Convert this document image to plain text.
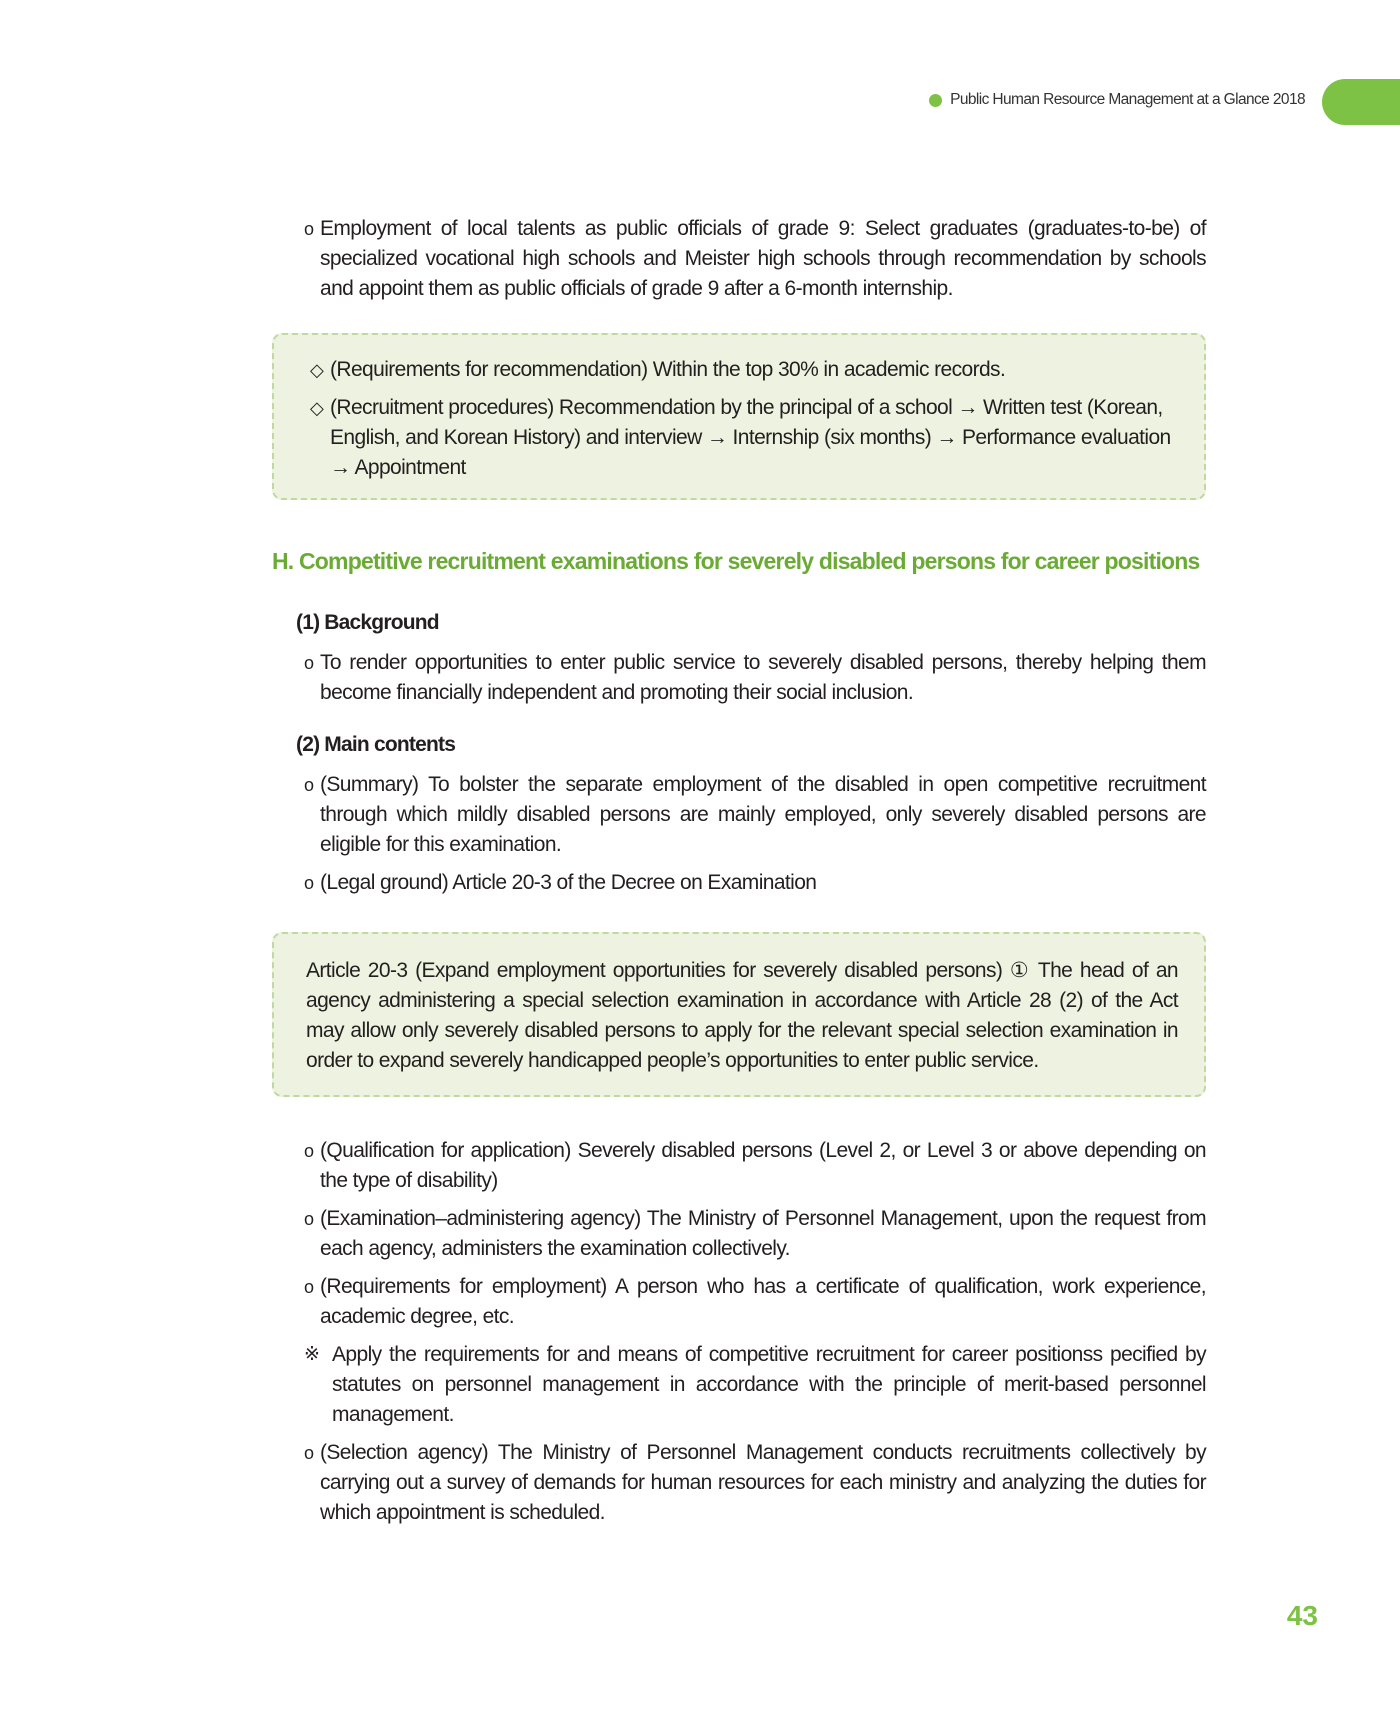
Public Human Resource Management at a Glance 2018
o Employment of local talents as public officials of grade 9: Select graduates (graduates-to-be) of specialized vocational high schools and Meister high schools through recommendation by schools and appoint them as public officials of grade 9 after a 6-month internship.

◇ (Requirements for recommendation) Within the top 30% in academic records.

◇ (Recruitment procedures) Recommendation by the principal of a school → Written test (Korean, English, and Korean History) and interview → Internship (six months) → Performance evaluation → Appointment

H. Competitive recruitment examinations for severely disabled persons for career positions
(1) Background
o To render opportunities to enter public service to severely disabled persons, thereby helping them become financially independent and promoting their social inclusion.
(2) Main contents
o (Summary) To bolster the separate employment of the disabled in open competitive recruitment through which mildly disabled persons are mainly employed, only severely disabled persons are eligible for this examination.
o (Legal ground) Article 20-3 of the Decree on Examination

Article 20-3 (Expand employment opportunities for severely disabled persons) ① The head of an agency administering a special selection examination in accordance with Article 28 (2) of the Act may allow only severely disabled persons to apply for the relevant special selection examination in order to expand severely handicapped people’s opportunities to enter public service.

o (Qualification for application) Severely disabled persons (Level 2, or Level 3 or above depending on the type of disability)
o (Examination–administering agency) The Ministry of Personnel Management, upon the request from each agency, administers the examination collectively.
o (Requirements for employment) A person who has a certificate of qualification, work experience, academic degree, etc.
※ Apply the requirements for and means of competitive recruitment for career positionss pecified by statutes on personnel management in accordance with the principle of merit-based personnel management.
o (Selection agency) The Ministry of Personnel Management conducts recruitments collectively by carrying out a survey of demands for human resources for each ministry and analyzing the duties for which appointment is scheduled.
43
